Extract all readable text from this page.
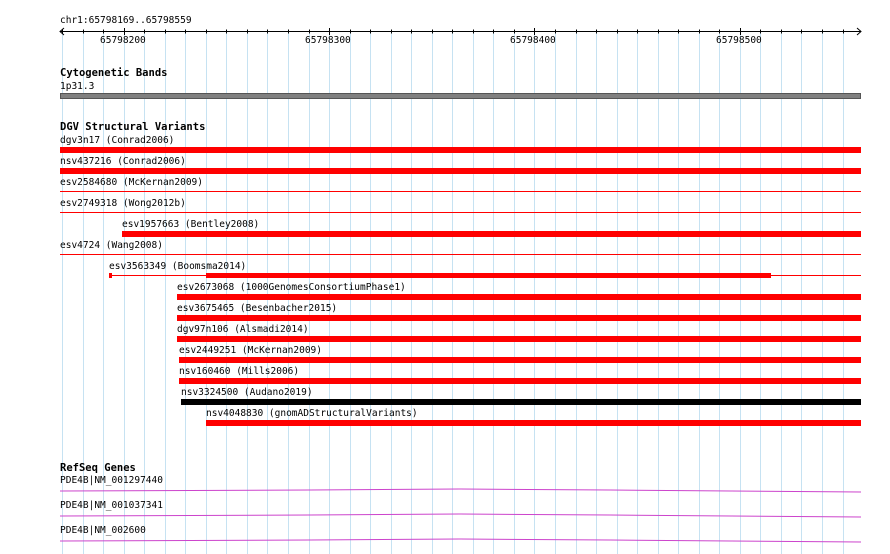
chr1:65798169..65798559
65798200	65798300	65798400	65798500
Cytogenetic Bands
1p31.3
DGV Structural Variants
dgv3n17 (Conrad2006)
nsv437216 (Conrad2006)
esv2584680 (McKernan2009)
esv2749318 (Wong2012b)
esv1957663 (Bentley2008)
esv4724 (Wang2008)
esv3563349 (Boomsma2014)
esv2673068 (1000GenomesConsortiumPhase1)
esv3675465 (Besenbacher2015)
dgv97n106 (Alsmadi2014)
esv2449251 (McKernan2009)
nsv160460 (Mills2006)
nsv3324500 (Audano2019)
nsv4048830 (gnomADStructuralVariants)
RefSeq Genes
PDE4B|NM_001297440
PDE4B|NM_001037341
PDE4B|NM_002600
